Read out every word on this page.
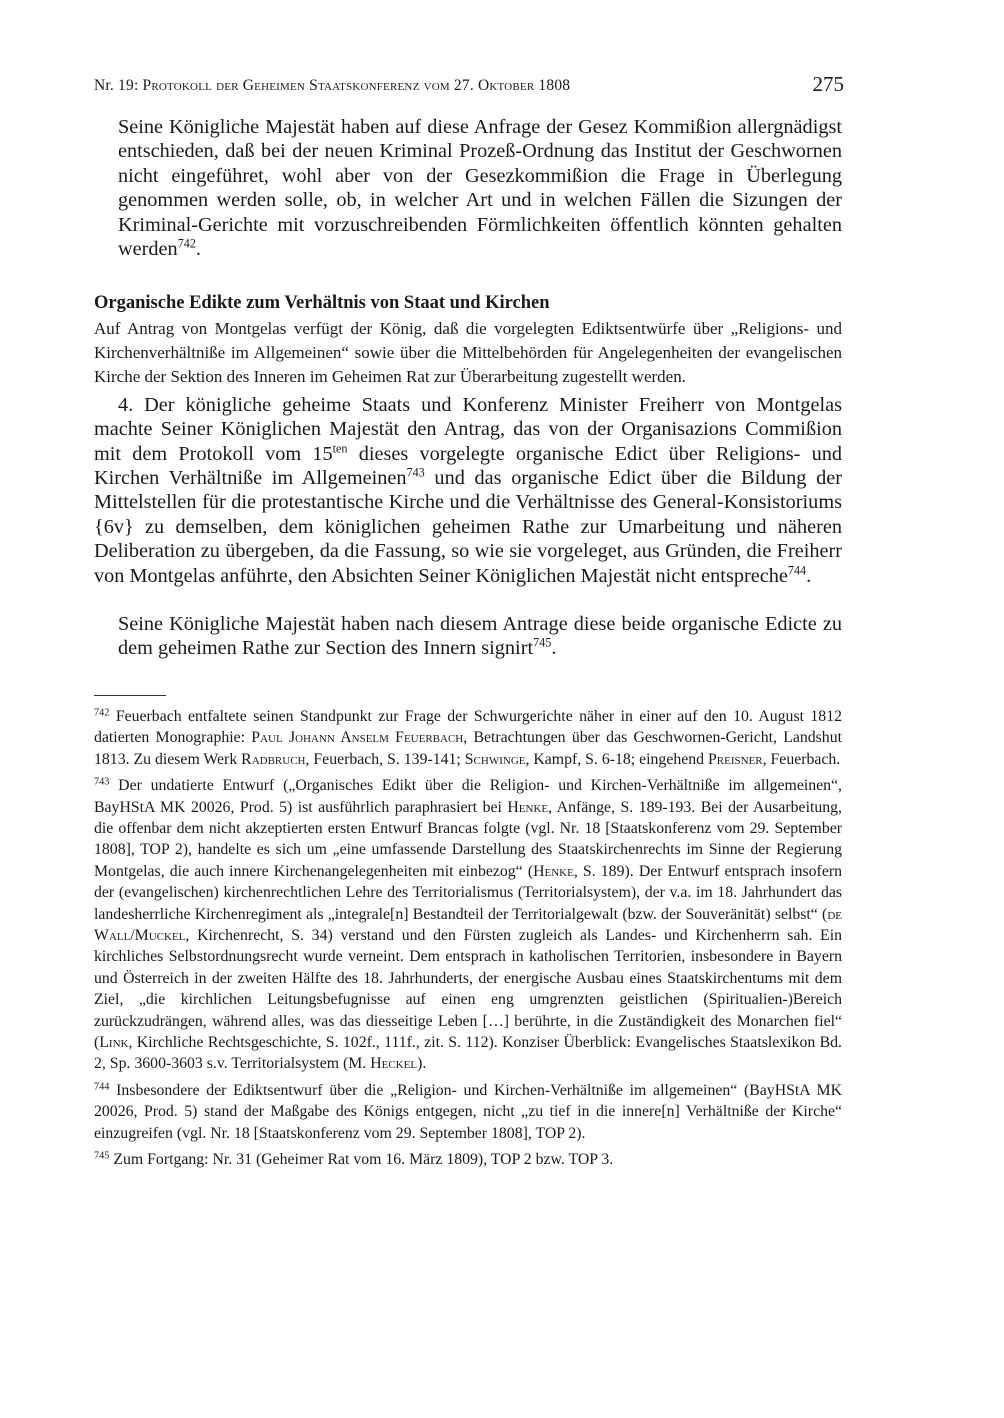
Nr. 19: Protokoll der Geheimen Staatskonferenz vom 27. Oktober 1808	275

Seine Königliche Majestät haben auf diese Anfrage der Gesez Kommißion allergnädigst entschieden, daß bei der neuen Kriminal Prozeß-Ordnung das Institut der Geschwornen nicht eingeführet, wohl aber von der Gesezkommißion die Frage in Überlegung genommen werden solle, ob, in welcher Art und in welchen Fällen die Sizungen der Kriminal-Gerichte mit vorzuschreibenden Förmlichkeiten öffentlich könnten gehalten werden$^{742}$.

Organische Edikte zum Verhältnis von Staat und Kirchen

Auf Antrag von Montgelas verfügt der König, daß die vorgelegten Ediktsentwürfe über „Religions- und Kirchenverhältniße im Allgemeinen“ sowie über die Mittelbehörden für Angelegenheiten der evangelischen Kirche der Sektion des Inneren im Geheimen Rat zur Überarbeitung zugestellt werden.

4. Der königliche geheime Staats und Konferenz Minister Freiherr von Montgelas machte Seiner Königlichen Majestät den Antrag, das von der Organisazions Commißion mit dem Protokoll vom $15^{ten}$ dieses vorgelegte organische Edict über Religions- und Kirchen Verhältniße im Allgemeinen$^{743}$ und das organische Edict über die Bildung der Mittelstellen für die protestantische Kirche und die Verhältnisse des General-Konsistoriums {6v} zu demselben, dem königlichen geheimen Rathe zur Umarbeitung und näheren Deliberation zu übergeben, da die Fassung, so wie sie vorgeleget, aus Gründen, die Freiherr von Montgelas anführte, den Absichten Seiner Königlichen Majestät nicht entspreche$^{744}$.

Seine Königliche Majestät haben nach diesem Antrage diese beide organische Edicte zu dem geheimen Rathe zur Section des Innern signirt$^{745}$.

$^{742}$ Feuerbach entfaltete seinen Standpunkt zur Frage der Schwurgerichte näher in einer auf den 10. August 1812 datierten Monographie: Paul Johann Anselm Feuerbach, Betrachtungen über das Geschwornen-Gericht, Landshut 1813. Zu diesem Werk Radbruch, Feuerbach, S. 139-141; Schwinge, Kampf, S. 6-18; eingehend Preisner, Feuerbach.

$^{743}$ Der undatierte Entwurf („Organisches Edikt über die Religion- und Kirchen-Verhältniße im allgemeinen“, BayHStA MK 20026, Prod. 5) ist ausführlich paraphrasiert bei Henke, Anfänge, S. 189-193. Bei der Ausarbeitung, die offenbar dem nicht akzeptierten ersten Entwurf Brancas folgte (vgl. Nr. 18 [Staatskonferenz vom 29. September 1808], TOP 2), handelte es sich um „eine umfassende Darstellung des Staatskirchenrechts im Sinne der Regierung Montgelas, die auch innere Kirchenangelegenheiten mit einbezog“ (Henke, S. 189). Der Entwurf entsprach insofern der (evangelischen) kirchenrechtlichen Lehre des Territorialismus (Territorialsystem), der v.a. im 18. Jahrhundert das landesherrliche Kirchenregiment als „integrale[n] Bestandteil der Territorialgewalt (bzw. der Souveränität) selbst“ (de Wall/Muckel, Kirchenrecht, S. 34) verstand und den Fürsten zugleich als Landes- und Kirchenherrn sah. Ein kirchliches Selbstordnungsrecht wurde verneint. Dem entsprach in katholischen Territorien, insbesondere in Bayern und Österreich in der zweiten Hälfte des 18. Jahrhunderts, der energische Ausbau eines Staatskirchentums mit dem Ziel, „die kirchlichen Leitungsbefugnisse auf einen eng umgrenzten geistlichen (Spiritualien-)Bereich zurückzudrängen, während alles, was das diesseitige Leben […] berührte, in die Zuständigkeit des Monarchen fiel“ (Link, Kirchliche Rechtsgeschichte, S. 102f., 111f., zit. S. 112). Konziser Überblick: Evangelisches Staatslexikon Bd. 2, Sp. 3600-3603 s.v. Territorialsystem (M. Heckel).

$^{744}$ Insbesondere der Ediktsentwurf über die „Religion- und Kirchen-Verhältniße im allgemeinen“ (BayHStA MK 20026, Prod. 5) stand der Maßgabe des Königs entgegen, nicht „zu tief in die innere[n] Verhältniße der Kirche“ einzugreifen (vgl. Nr. 18 [Staatskonferenz vom 29. September 1808], TOP 2).

$^{745}$ Zum Fortgang: Nr. 31 (Geheimer Rat vom 16. März 1809), TOP 2 bzw. TOP 3.
